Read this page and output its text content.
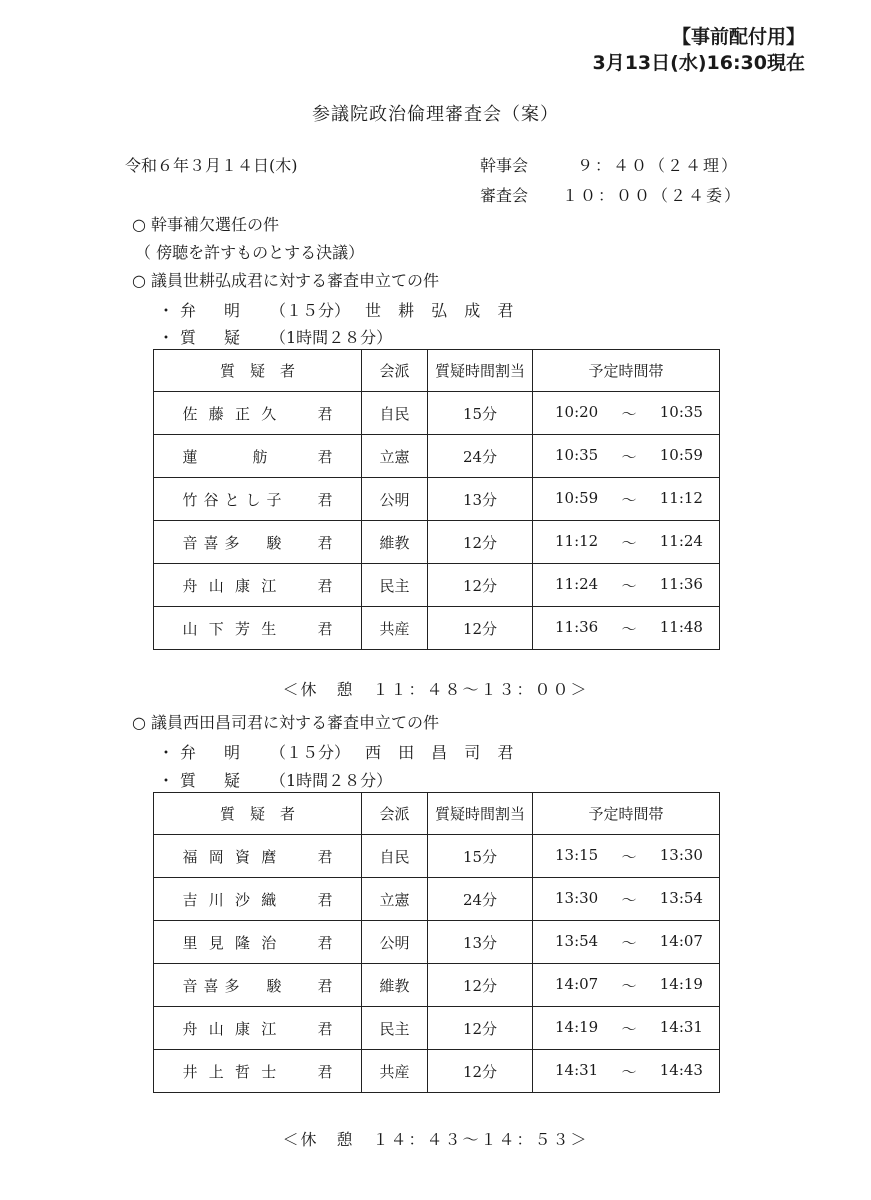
【事前配付用】
3月13日(水)16:30現在
参議院政治倫理審査会（案）
令和６年３月１４日(木)	幹事会	９：４０（２４理）
審査会 １０：００（２４委）
○ 幹事補欠選任の件
（ 傍聴を許すものとする決議）
○ 議員世耕弘成君に対する審査申立ての件
・弁　明 （１５分） 世 耕 弘 成 君
・質　疑 （1時間２８分）
質　疑　者	会派	質疑時間割当	予定時間帯
佐藤正久 君	自民	15分	10:20 ～ 10:35

蓮　舫 君	立憲	24分	10:35 ～ 10:59

竹谷とし子 君	公明	13分	10:59 ～ 11:12

音喜多　駿 君	維教	12分	11:12 ～ 11:24

舟山康江 君	民主	12分	11:24 ～ 11:36

山下芳生 君	共産	12分	11:36 ～ 11:48
＜休　憩　１１：４８～１３：００＞
○ 議員西田昌司君に対する審査申立ての件
・弁　明 （１５分） 西 田 昌 司 君
・質　疑 （1時間２８分）
質　疑　者	会派	質疑時間割当	予定時間帯
福岡資麿 君	自民	15分	13:15 ～ 13:30

吉川沙織 君	立憲	24分	13:30 ～ 13:54

里見隆治 君	公明	13分	13:54 ～ 14:07

音喜多　駿 君	維教	12分	14:07 ～ 14:19

舟山康江 君	民主	12分	14:19 ～ 14:31

井上哲士 君	共産	12分	14:31 ～ 14:43
＜休　憩　１４：４３～１４：５３＞
